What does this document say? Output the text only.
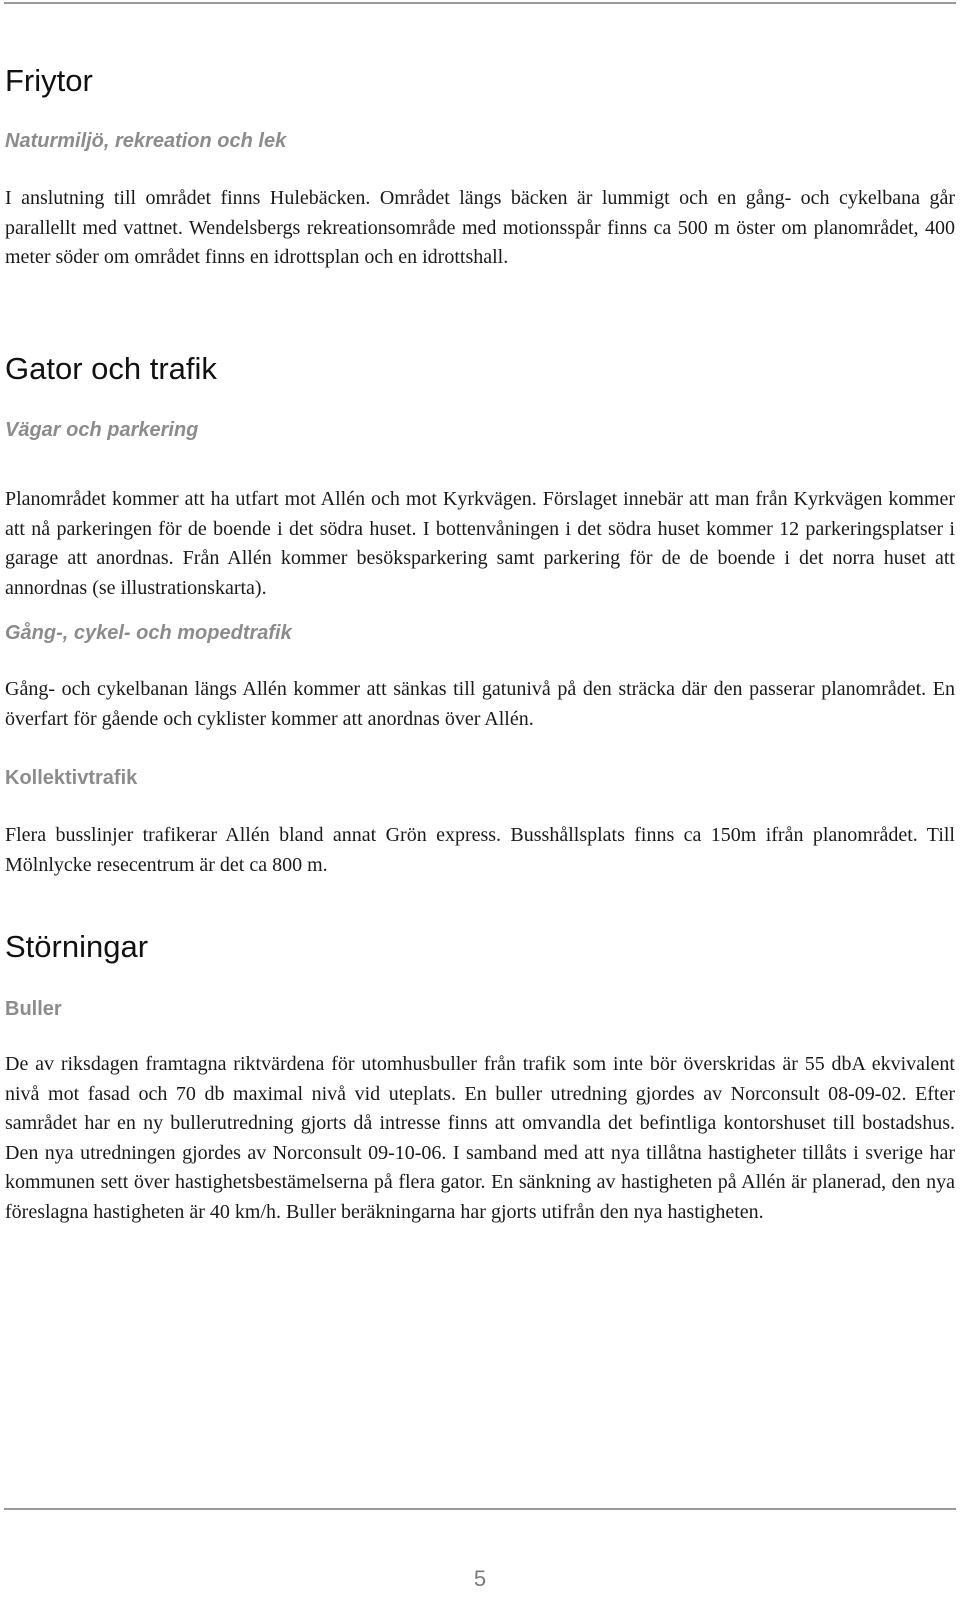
Friytor
Naturmiljö, rekreation och lek

I anslutning till området finns Hulebäcken. Området längs bäcken är lummigt och en gång- och cykelbana går parallellt med vattnet. Wendelsbergs rekreationsområde med motionsspår finns ca 500 m öster om planområdet, 400 meter söder om området finns en idrottsplan och en idrottshall.

Gator och trafik
Vägar och parkering

Planområdet kommer att ha utfart mot Allén och mot Kyrkvägen. Förslaget innebär att man från Kyrkvägen kommer att nå parkeringen för de boende i det södra huset. I bottenvåningen i det södra huset kommer 12 parkeringsplatser i garage att anordnas. Från Allén kommer besöksparkering samt parkering för de de boende i det norra huset att annordnas (se illustrationskarta).

Gång-, cykel- och mopedtrafik

Gång- och cykelbanan längs Allén kommer att sänkas till gatunivå på den sträcka där den passerar planområdet. En överfart för gående och cyklister kommer att anordnas över Allén.

Kollektivtrafik

Flera busslinjer trafikerar Allén bland annat Grön express. Busshållsplats finns ca 150m ifrån planområdet. Till Mölnlycke resecentrum är det ca 800 m.

Störningar
Buller

De av riksdagen framtagna riktvärdena för utomhusbuller från trafik som inte bör överskridas är 55 dbA ekvivalent nivå mot fasad och 70 db maximal nivå vid uteplats. En buller utredning gjordes av Norconsult 08-09-02. Efter samrådet har en ny bullerutredning gjorts då intresse finns att omvandla det befintliga kontorshuset till bostadshus. Den nya utredningen gjordes av Norconsult 09-10-06. I samband med att nya tillåtna hastigheter tillåts i sverige har kommunen sett över hastighetsbestämelserna på flera gator. En sänkning av hastigheten på Allén är planerad, den nya föreslagna hastigheten är 40 km/h. Buller beräkningarna har gjorts utifrån den nya hastigheten.

5
